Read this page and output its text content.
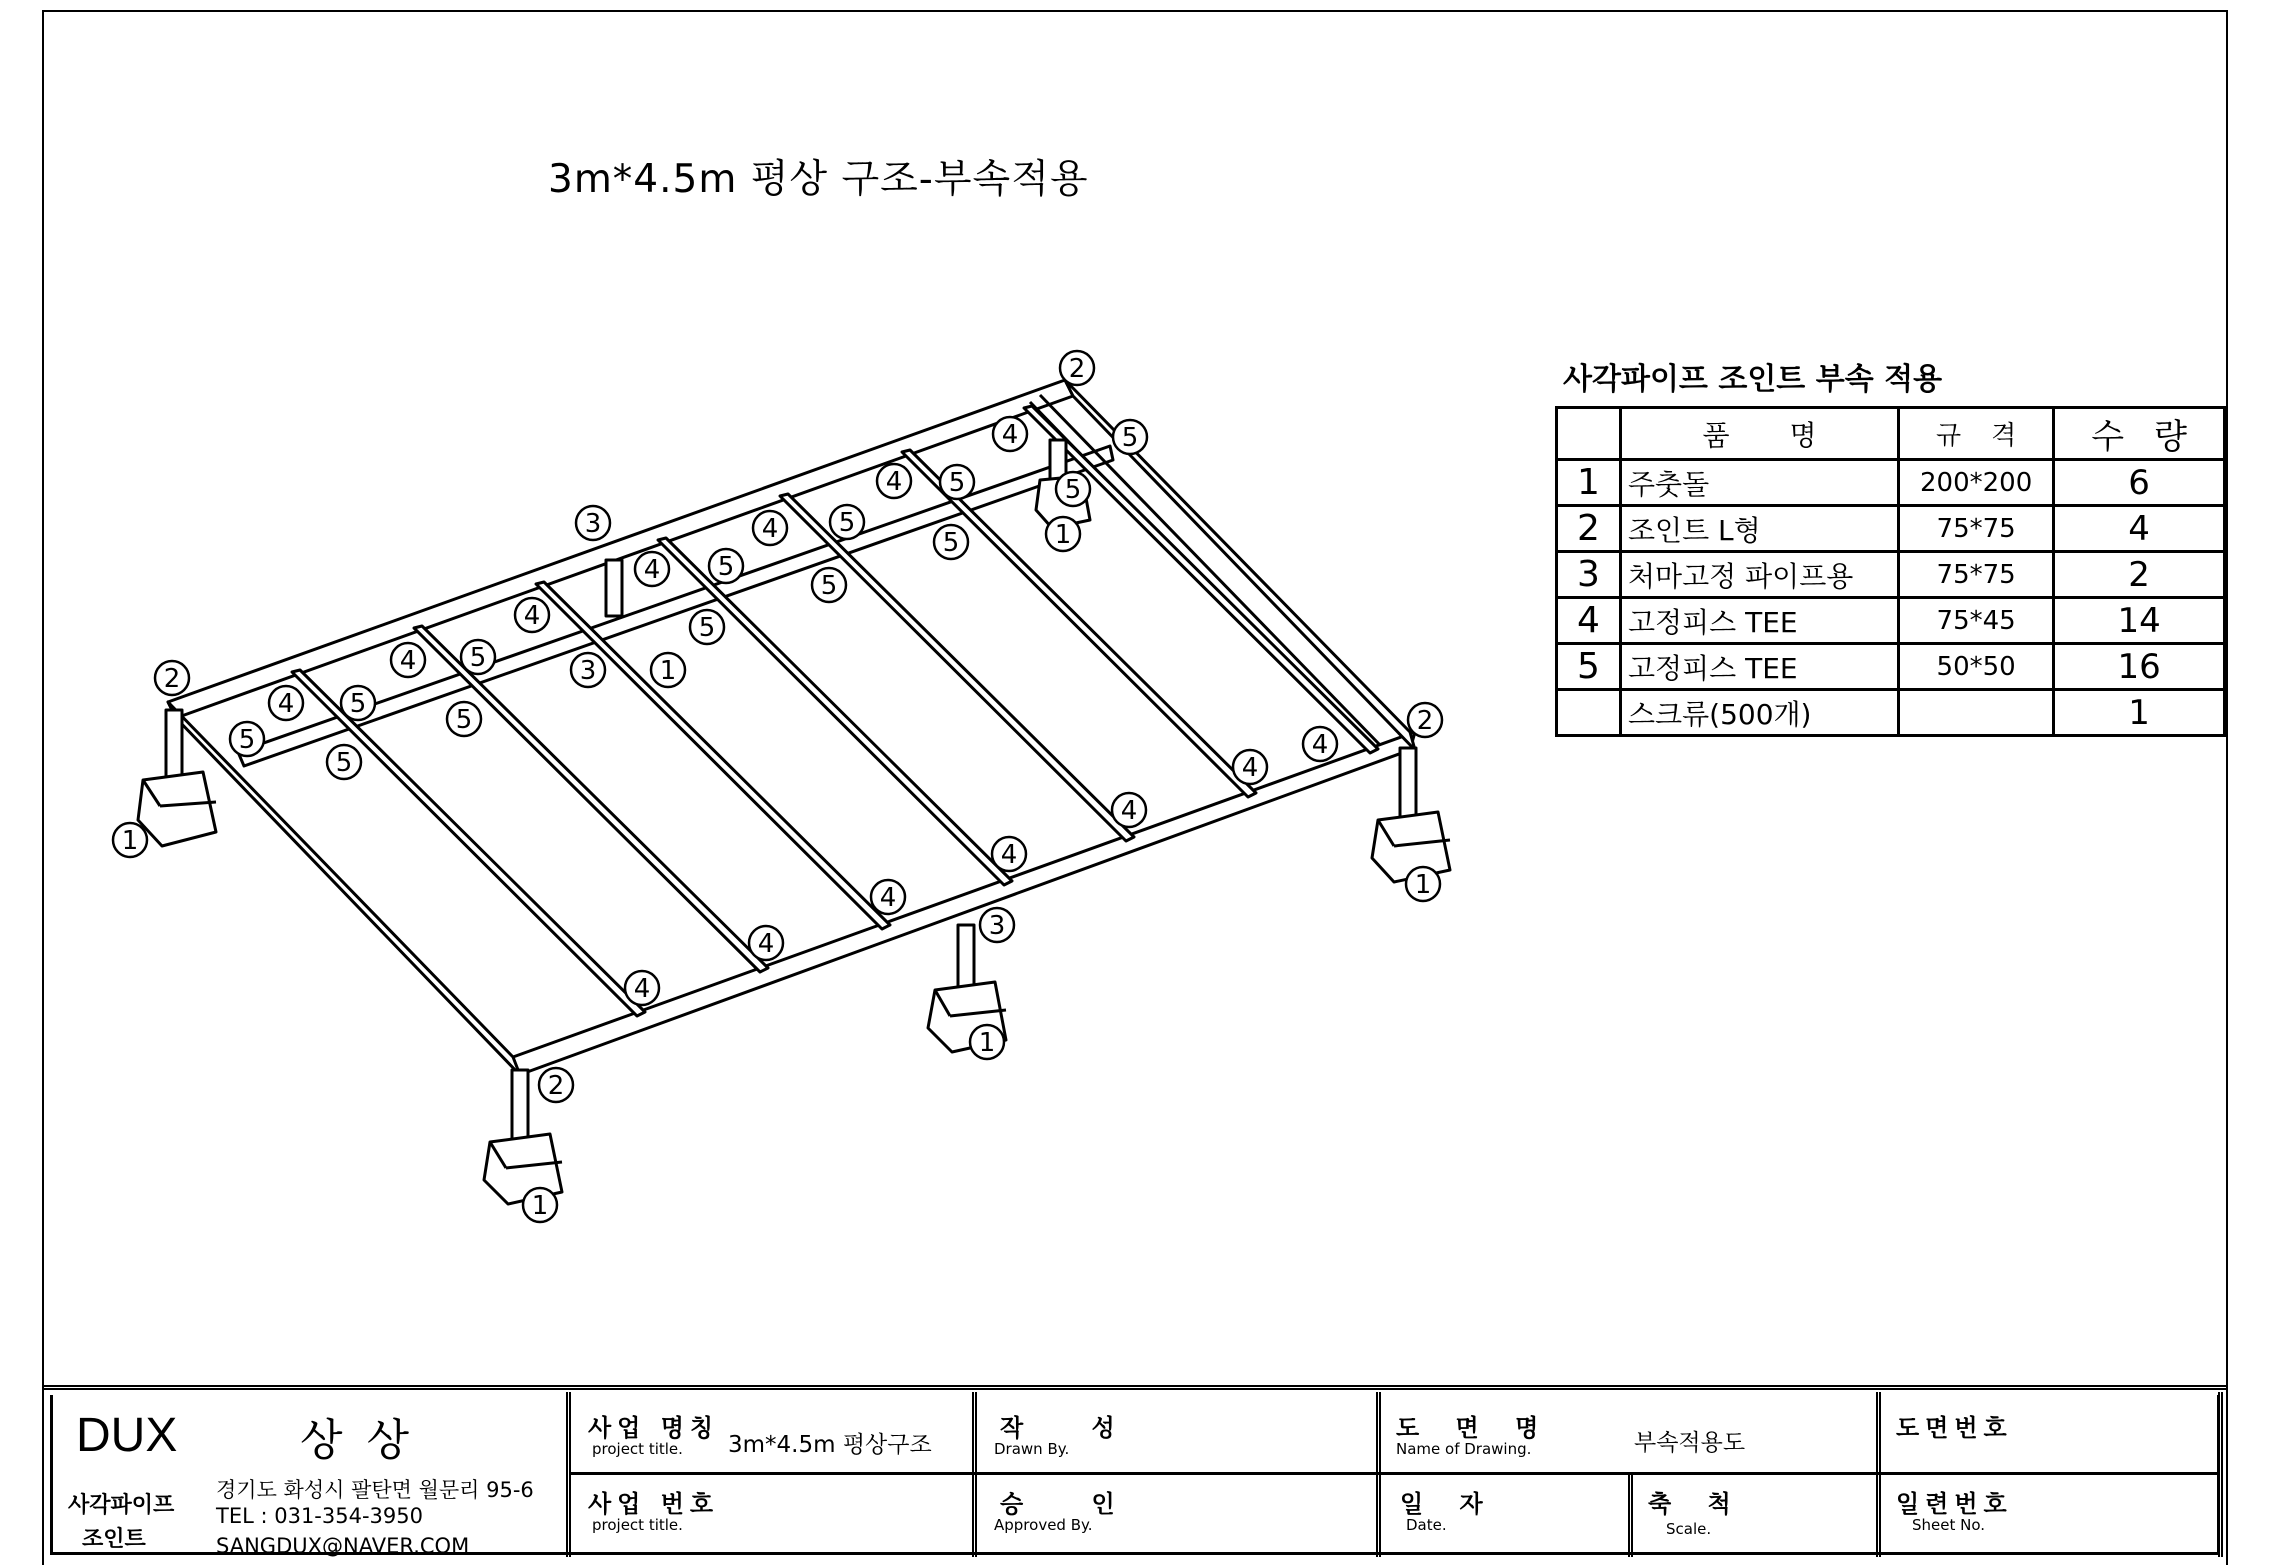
3m*4.5m 평상 구조-부속적용
1
1
1
1
1
1
2
2
2
2
3
3
3
4
4
4
4
4
4
4
4
4
4
4
4
4
4
5
5
5
5
5
5
5
5
5
5
5
5
5
사각파이프 조인트 부속 적용
	품명	규격	수량
1	주춧돌	200*200	6
2	조인트 L형	75*75	4
3	처마고정 파이프용	75*75	2
4	고정피스 TEE	75*45	14
5	고정피스 TEE	50*50	16
	스크류(500개)		1
DUX	상상
사각파이프
조인트
경기도 화성시 팔탄면 월문리 95-6
TEL : 031-354-3950
SANGDUX@NAVER.COM
사업 명칭
project title. 3m*4.5m 평상구조
사업 번호
project title.
작 성
Drawn By.
승 인
Approved By.
도 면 명
Name of Drawing.	부속적용도
일 자
Date.
축 척
Scale.
도면번호
일련번호
Sheet No.
